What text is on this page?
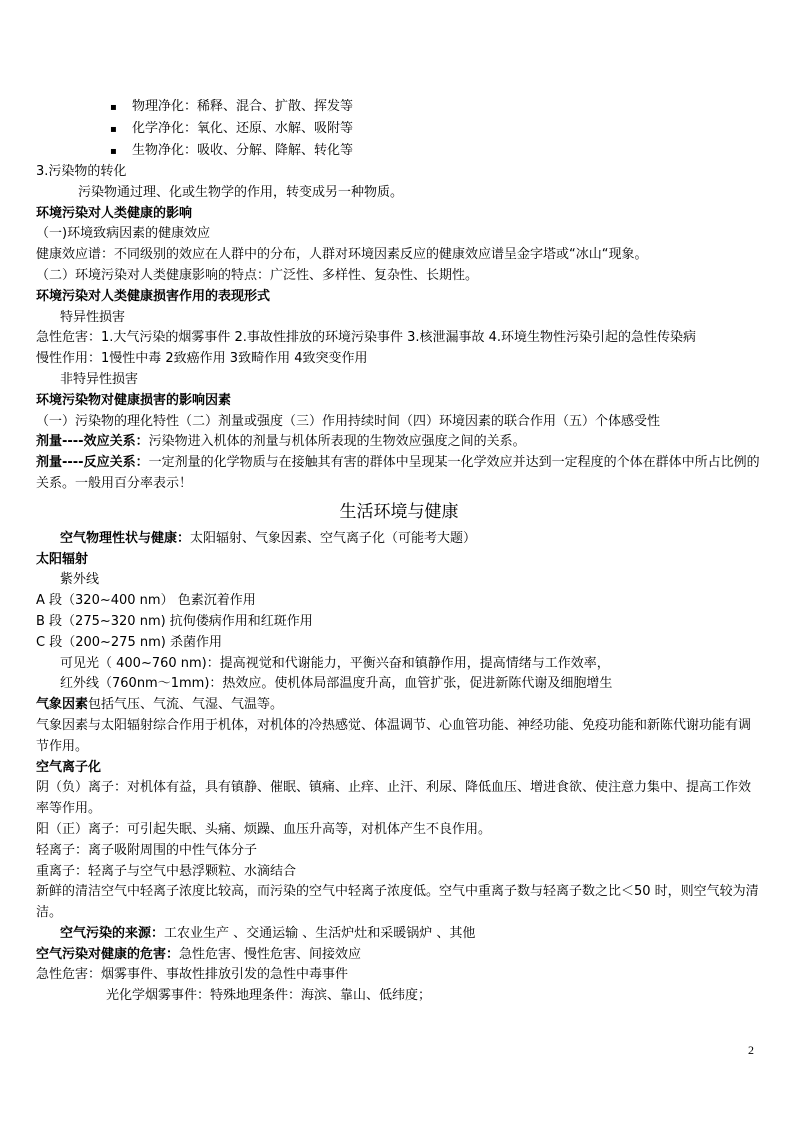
▪ 物理净化：稀释、混合、扩散、挥发等
▪ 化学净化：氧化、还原、水解、吸附等
▪ 生物净化：吸收、分解、降解、转化等
3.污染物的转化
污染物通过理、化或生物学的作用，转变成另一种物质。
环境污染对人类健康的影响
（一)环境致病因素的健康效应
健康效应谱：不同级别的效应在人群中的分布，人群对环境因素反应的健康效应谱呈金字塔或“冰山“现象。
（二）环境污染对人类健康影响的特点：广泛性、多样性、复杂性、长期性。
环境污染对人类健康损害作用的表现形式
特异性损害
急性危害：1.大气污染的烟雾事件 2.事故性排放的环境污染事件 3.核泄漏事故 4.环境生物性污染引起的急性传染病
慢性作用：1慢性中毒 2致癌作用 3致畸作用 4致突变作用
非特异性损害
环境污染物对健康损害的影响因素
（一）污染物的理化特性（二）剂量或强度（三）作用持续时间（四）环境因素的联合作用（五）个体感受性
剂量----效应关系：污染物进入机体的剂量与机体所表现的生物效应强度之间的关系。
剂量----反应关系：一定剂量的化学物质与在接触其有害的群体中呈现某一化学效应并达到一定程度的个体在群体中所占比例的关系。一般用百分率表示！
生活环境与健康
空气物理性状与健康：太阳辐射、气象因素、空气离子化（可能考大题）
太阳辐射
紫外线
A 段（320~400 nm） 色素沉着作用
B 段（275~320 nm) 抗佝偻病作用和红斑作用
C 段（200~275 nm) 杀菌作用
可见光（ 400~760 nm)：提高视觉和代谢能力，平衡兴奋和镇静作用，提高情绪与工作效率，
红外线（760nm～1mm)：热效应。使机体局部温度升高，血管扩张，促进新陈代谢及细胞增生
气象因素包括气压、气流、气湿、气温等。
气象因素与太阳辐射综合作用于机体，对机体的冷热感觉、体温调节、心血管功能、神经功能、免疫功能和新陈代谢功能有调节作用。
空气离子化
阴（负）离子：对机体有益，具有镇静、催眠、镇痛、止痒、止汗、利尿、降低血压、增进食欲、使注意力集中、提高工作效率等作用。
阳（正）离子：可引起失眠、头痛、烦躁、血压升高等，对机体产生不良作用。
轻离子：离子吸附周围的中性气体分子
重离子：轻离子与空气中悬浮颗粒、水滴结合
新鲜的清洁空气中轻离子浓度比较高，而污染的空气中轻离子浓度低。空气中重离子数与轻离子数之比＜50 时，则空气较为清洁。
空气污染的来源：工农业生产 、交通运输 、生活炉灶和采暖锅炉 、其他
空气污染对健康的危害：急性危害、慢性危害、间接效应
急性危害：烟雾事件、事故性排放引发的急性中毒事件
光化学烟雾事件：特殊地理条件：海滨、靠山、低纬度；
2
